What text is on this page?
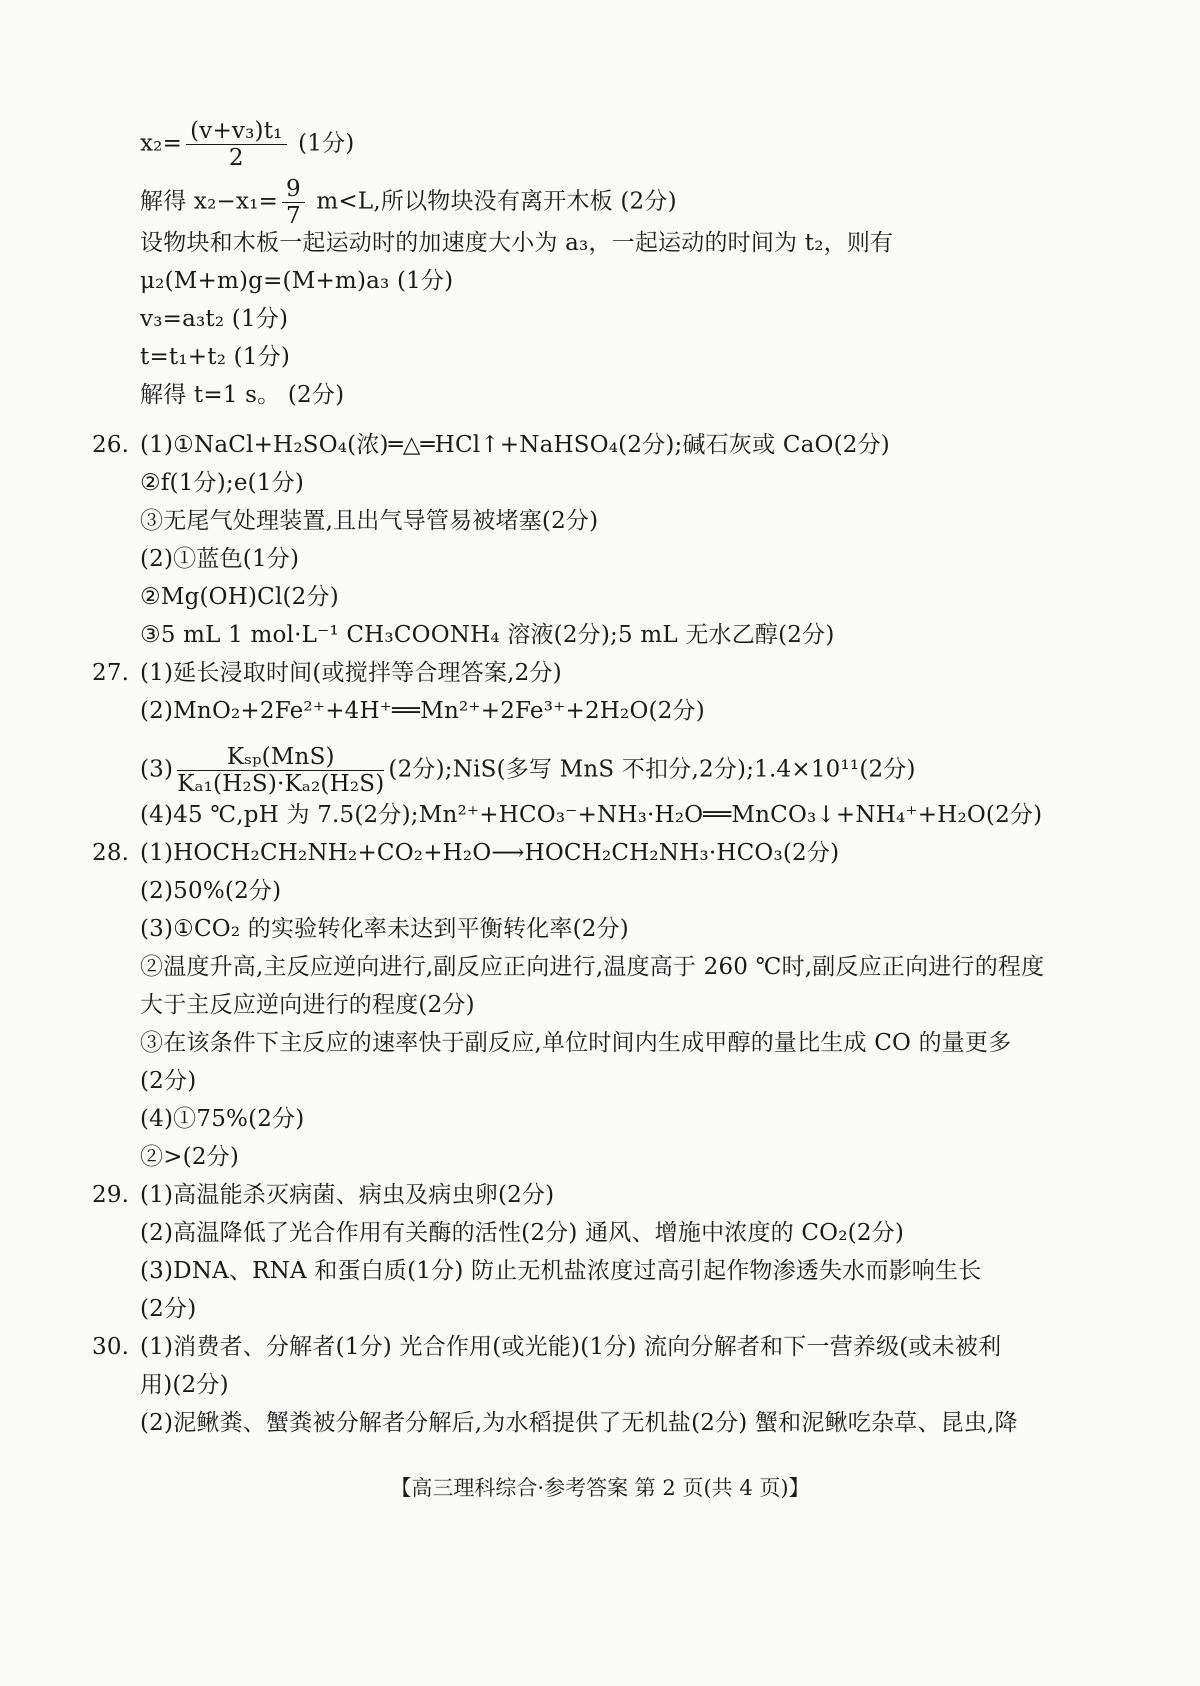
$x_2= \frac{\text{(v+v₃)t₁}}{2} (1$分)
解得 $x_2-x_1= \frac{9}{7} m<L$,所以物块没有离开木板 (2分)
设物块和木板一起运动时的加速度大小为 a₃，一起运动的时间为 t₂，则有
μ₂(M+m)g=(M+m)a₃ (1分)
v₃=a₃t₂ (1分)
t=t₁+t₂ (1分)
解得 t=1 s。 (2分)
26. (1)①NaCl+H₂SO₄(浓)═△═HCl↑+NaHSO₄(2分);碱石灰或 CaO(2分)
②f(1分);e(1分)
③无尾气处理装置,且出气导管易被堵塞(2分)
(2)①蓝色(1分)
②Mg(OH)Cl(2分)
③5 mL 1 mol·L⁻¹ CH₃COONH₄ 溶液(2分);5 mL 无水乙醇(2分)
27. (1)延长浸取时间(或搅拌等合理答案,2分)
(2)MnO₂+2Fe²⁺+4H⁺══Mn²⁺+2Fe³⁺+2H₂O(2分)
$(3) \frac{\text{Kₛₚ(MnS)}}{\text{Kₐ₁(H₂S)·Kₐ₂(H₂S)}} (2$分);NiS(多写 MnS 不扣分,2分);1.4×10¹¹(2分)
(4)45 ℃,pH 为 7.5(2分);Mn²⁺+HCO₃⁻+NH₃·H₂O══MnCO₃↓+NH₄⁺+H₂O(2分)
28. (1)HOCH₂CH₂NH₂+CO₂+H₂O⟶HOCH₂CH₂NH₃·HCO₃(2分)
(2)50%(2分)
(3)①CO₂ 的实验转化率未达到平衡转化率(2分)
②温度升高,主反应逆向进行,副反应正向进行,温度高于 260 ℃时,副反应正向进行的程度
大于主反应逆向进行的程度(2分)
③在该条件下主反应的速率快于副反应,单位时间内生成甲醇的量比生成 CO 的量更多
(2分)
(4)①75%(2分)
②>(2分)
29. (1)高温能杀灭病菌、病虫及病虫卵(2分)
(2)高温降低了光合作用有关酶的活性(2分) 通风、增施中浓度的 CO₂(2分)
(3)DNA、RNA 和蛋白质(1分) 防止无机盐浓度过高引起作物渗透失水而影响生长
(2分)
30. (1)消费者、分解者(1分) 光合作用(或光能)(1分) 流向分解者和下一营养级(或未被利
用)(2分)
(2)泥鳅粪、蟹粪被分解者分解后,为水稻提供了无机盐(2分) 蟹和泥鳅吃杂草、昆虫,降
【高三理科综合·参考答案 第 2 页(共 4 页)】
